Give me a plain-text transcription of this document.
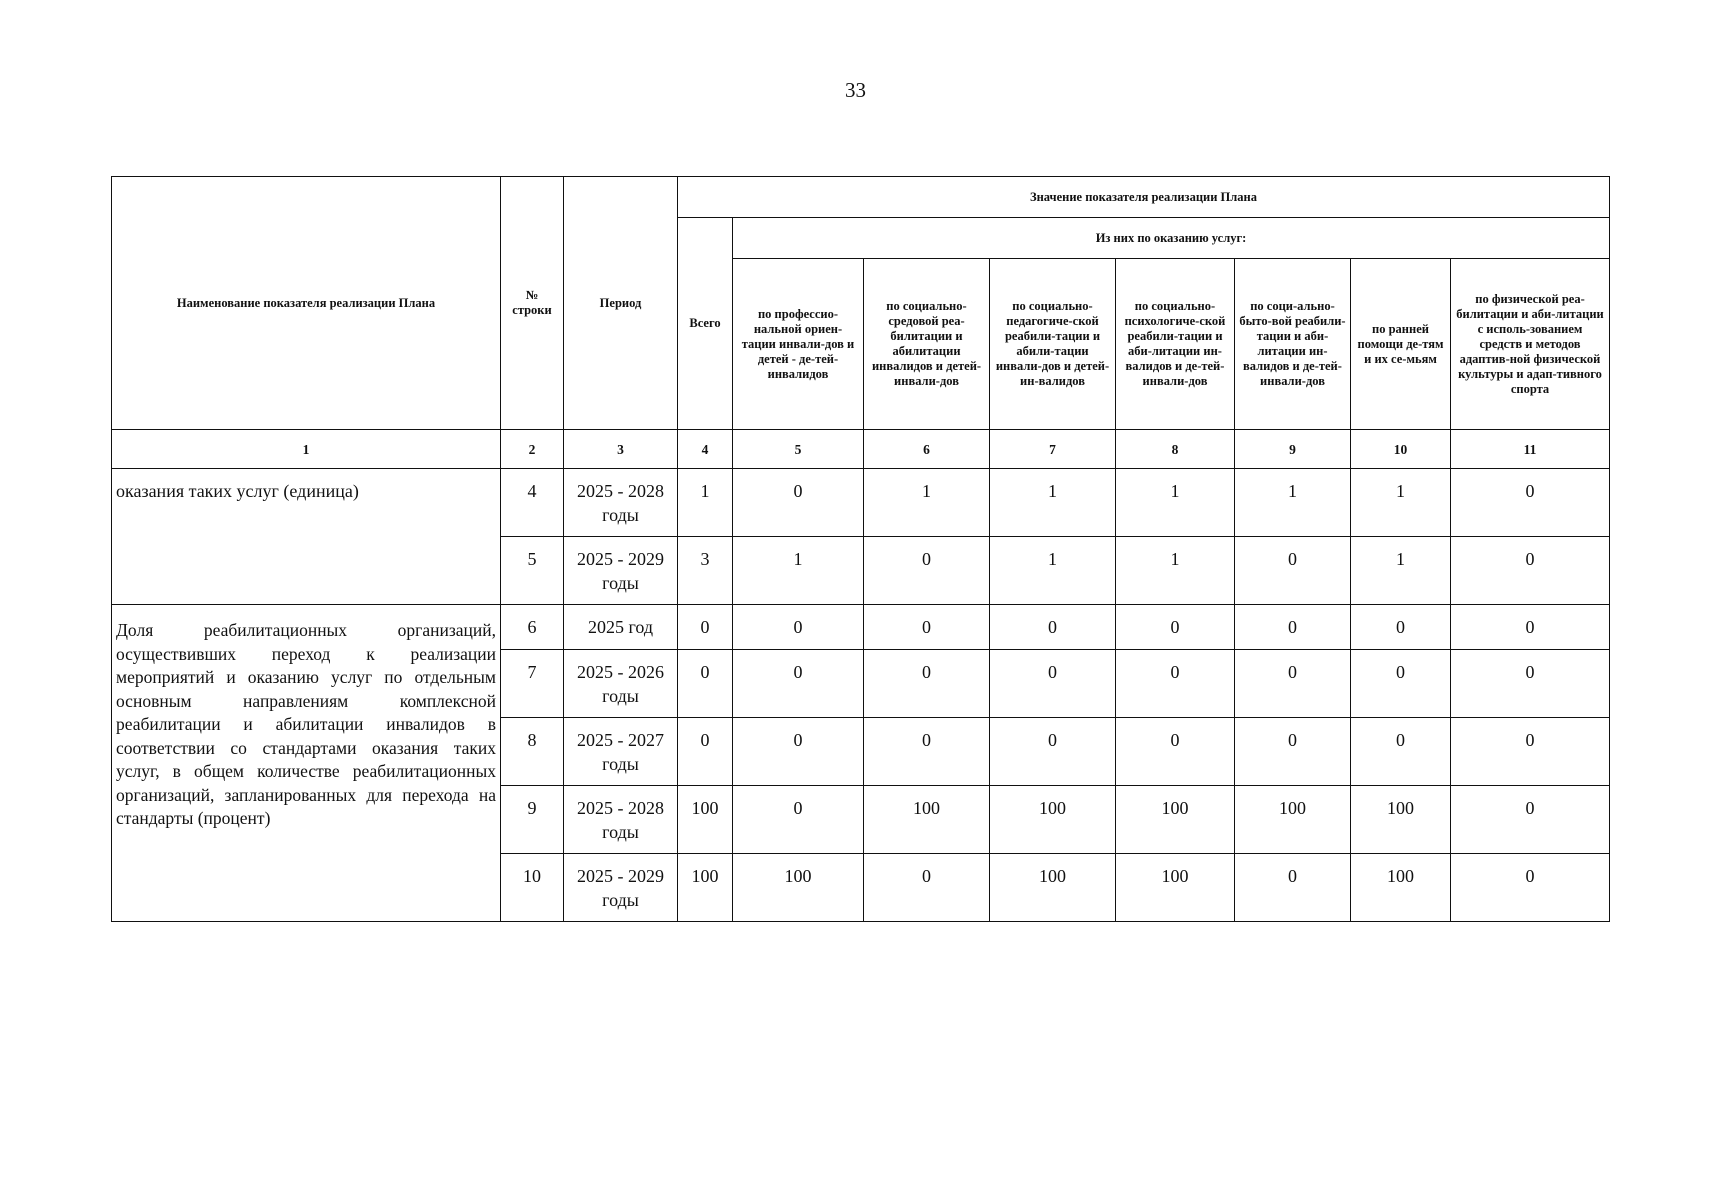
33
Наименование показателя реализации Плана	№ строки	Период	Значение показателя реализации Плана							
			Всего	Из них по оказанию услуг:						
				по профессио-нальной ориен-тации инвали-дов и детей - де-тей-инвалидов	по социально-средовой реа-билитации и абилитации инвалидов и детей-инвали-дов	по социально-педагогиче-ской реабили-тации и абили-тации инвали-дов и детей-ин-валидов	по социально-психологиче-ской реабили-тации и аби-литации ин-валидов и де-тей-инвали-дов	по соци-ально-быто-вой реабили-тации и аби-литации ин-валидов и де-тей-инвали-дов	по ранней помощи де-тям и их се-мьям	по физической реа-билитации и аби-литации с исполь-зованием средств и методов адаптив-ной физической культуры и адап-тивного спорта
1	2	3	4	5	6	7	8	9	10	11
оказания таких услуг (единица)	4	2025 - 2028 годы	1	0	1	1	1	1	1	0
	5	2025 - 2029 годы	3	1	0	1	1	0	1	0
Доля реабилитационных организаций, осуществивших переход к реализации мероприятий и оказанию услуг по отдельным основным направлениям комплексной реабилитации и абилитации инвалидов в соответствии со стандартами оказания таких услуг, в общем количестве реабилитационных организаций, запланированных для перехода на стандарты (процент)	6	2025 год	0	0	0	0	0	0	0	0
	7	2025 - 2026 годы	0	0	0	0	0	0	0	0
	8	2025 - 2027 годы	0	0	0	0	0	0	0	0
	9	2025 - 2028 годы	100	0	100	100	100	100	100	0
	10	2025 - 2029 годы	100	100	0	100	100	0	100	0
